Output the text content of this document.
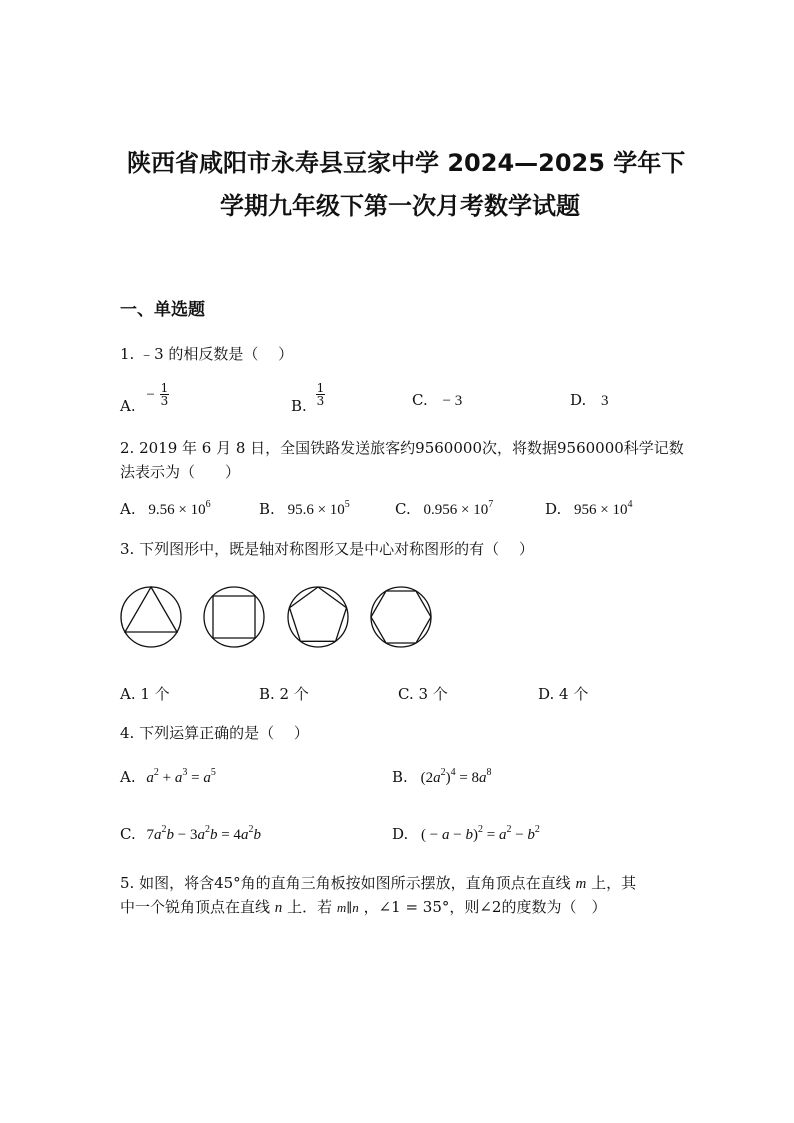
陕西省咸阳市永寿县豆家中学 2024—2025 学年下
学期九年级下第一次月考数学试题
一、单选题
1. ﹣3 的相反数是（　 ）
A. − $\frac{1}{3}$	B. $\frac{1}{3}$	C. − 3	D. 3
2. 2019 年 6 月 8 日，全国铁路发送旅客约9560000次，将数据9560000科学记数
法表示为（　　）
A. $9.56 \times 10^6$	B. $95.6 \times 10^5$	C. $0.956 \times 10^7$	D. $956 \times 10^4$
3. 下列图形中，既是轴对称图形又是中心对称图形的有（　 ）
A. 1 个	B. 2 个	C. 3 个	D. 4 个
4. 下列运算正确的是（　 ）
A. $a^2 + a^3 = a^5$	B. $(2a^2)^4 = 8a^8$
C. $7a^2b - 3a^2b = 4a^2b$	D. ( − $a - b)^2 = a^2 - b^2$
5. 如图，将含45°角的直角三角板按如图所示摆放，直角顶点在直线 m 上，其
中一个锐角顶点在直线 n 上．若 m∥n ，∠1 = 35°，则∠2的度数为（　）
